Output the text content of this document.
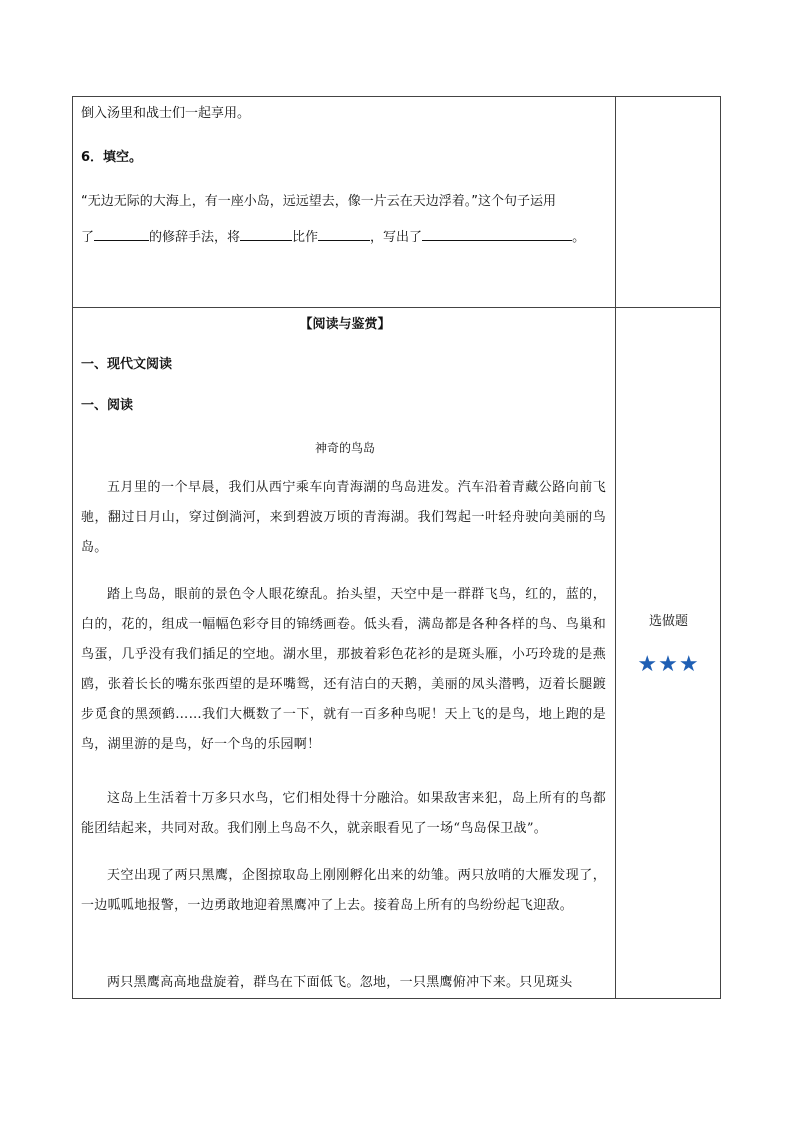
倒入汤里和战士们一起享用。
6．填空。
“无边无际的大海上，有一座小岛，远远望去，像一片云在天边浮着。”这个句子运用
了	的修辞手法，将	比作	，写出了	。
【阅读与鉴赏】
一、现代文阅读
一、阅读
神奇的鸟岛
五月里的一个早晨，我们从西宁乘车向青海湖的鸟岛进发。汽车沿着青藏公路向前飞驰，翻过日月山，穿过倒淌河，来到碧波万顷的青海湖。我们驾起一叶轻舟驶向美丽的鸟岛。
踏上鸟岛，眼前的景色令人眼花缭乱。抬头望，天空中是一群群飞鸟，红的，蓝的，白的，花的，组成一幅幅色彩夺目的锦绣画卷。低头看，满岛都是各种各样的鸟、鸟巢和鸟蛋，几乎没有我们插足的空地。湖水里，那披着彩色花衫的是斑头雁，小巧玲珑的是燕鸥，张着长长的嘴东张西望的是环嘴鸳，还有洁白的天鹅，美丽的凤头潜鸭，迈着长腿踱步觅食的黑颈鹤……我们大概数了一下，就有一百多种鸟呢！天上飞的是鸟，地上跑的是鸟，湖里游的是鸟，好一个鸟的乐园啊！
这岛上生活着十万多只水鸟，它们相处得十分融洽。如果敌害来犯，岛上所有的鸟都能团结起来，共同对敌。我们刚上鸟岛不久，就亲眼看见了一场“鸟岛保卫战”。
天空出现了两只黑鹰，企图掠取岛上刚刚孵化出来的幼雏。两只放哨的大雁发现了，一边呱呱地报警，一边勇敢地迎着黑鹰冲了上去。接着岛上所有的鸟纷纷起飞迎敌。
两只黑鹰高高地盘旋着，群鸟在下面低飞。忽地，一只黑鹰俯冲下来。只见斑头
选做题
★★★
